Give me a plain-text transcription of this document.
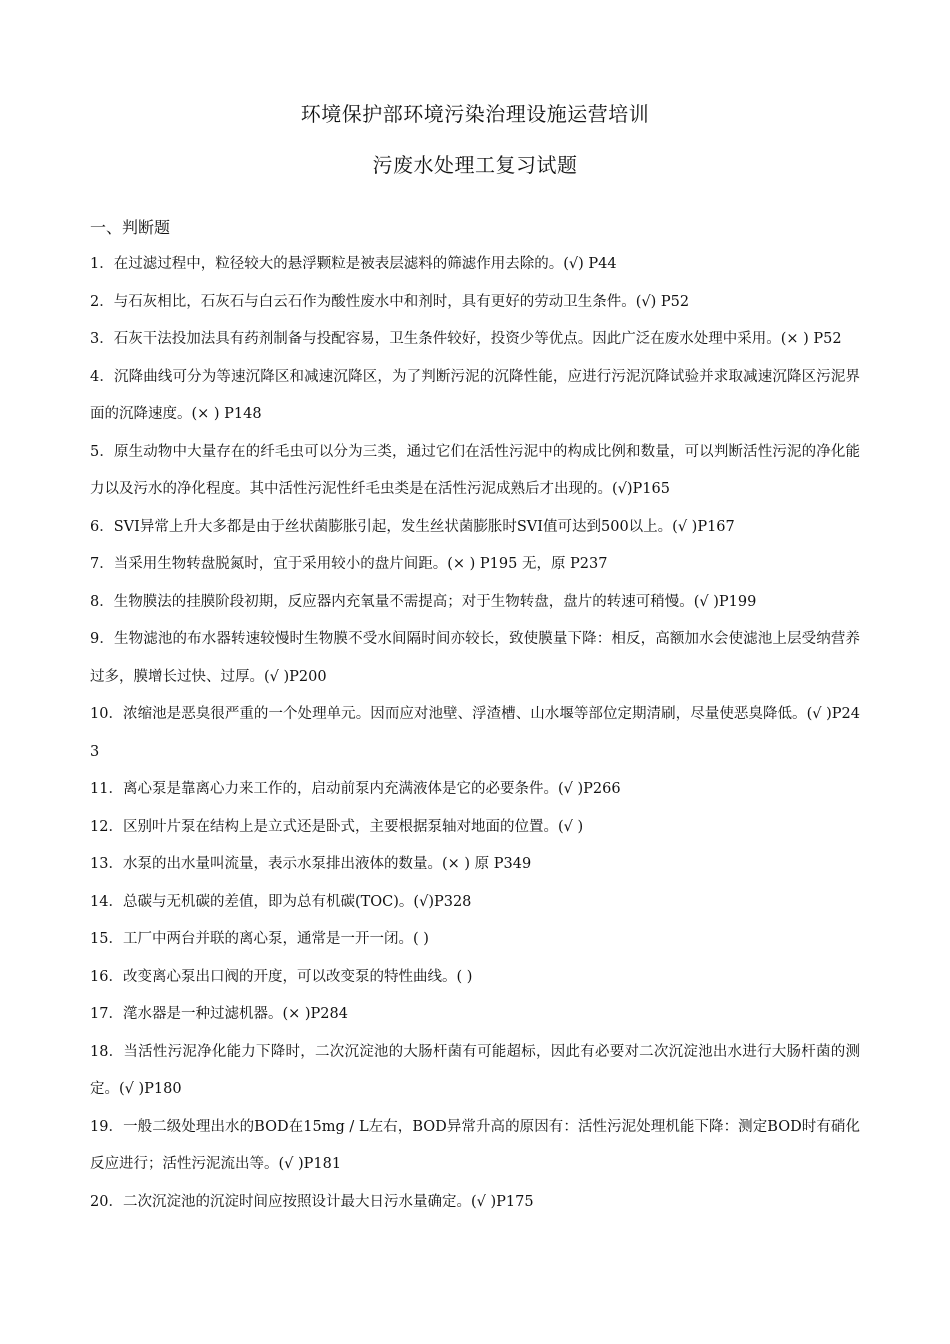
环境保护部环境污染治理设施运营培训
污废水处理工复习试题
一、判断题

1．在过滤过程中，粒径较大的悬浮颗粒是被表层滤料的筛滤作用去除的。(√) P44

2．与石灰相比，石灰石与白云石作为酸性废水中和剂时，具有更好的劳动卫生条件。(√) P52

3．石灰干法投加法具有药剂制备与投配容易，卫生条件较好，投资少等优点。因此广泛在废水处理中采用。(× ) P52

4．沉降曲线可分为等速沉降区和减速沉降区，为了判断污泥的沉降性能，应进行污泥沉降试验并求取减速沉降区污泥界面的沉降速度。(× ) P148

5．原生动物中大量存在的纤毛虫可以分为三类，通过它们在活性污泥中的构成比例和数量，可以判断活性污泥的净化能力以及污水的净化程度。其中活性污泥性纤毛虫类是在活性污泥成熟后才出现的。(√)P165

6．SVI异常上升大多都是由于丝状菌膨胀引起，发生丝状菌膨胀时SVI值可达到500以上。(√ )P167

7．当采用生物转盘脱氮时，宜于采用较小的盘片间距。(× ) P195 无，原 P237

8．生物膜法的挂膜阶段初期，反应器内充氧量不需提高；对于生物转盘，盘片的转速可稍慢。(√ )P199

9．生物滤池的布水器转速较慢时生物膜不受水间隔时间亦较长，致使膜量下降：相反，高额加水会使滤池上层受纳营养过多，膜增长过快、过厚。(√ )P200

10．浓缩池是恶臭很严重的一个处理单元。因而应对池壁、浮渣槽、山水堰等部位定期清刷，尽量使恶臭降低。(√ )P243

11．离心泵是靠离心力来工作的，启动前泵内充满液体是它的必要条件。(√ )P266

12．区别叶片泵在结构上是立式还是卧式，主要根据泵轴对地面的位置。(√ )

13．水泵的出水量叫流量，表示水泵排出液体的数量。(× ) 原 P349

14．总碳与无机碳的差值，即为总有机碳(TOC)。(√)P328

15．工厂中两台并联的离心泵，通常是一开一闭。( )

16．改变离心泵出口阀的开度，可以改变泵的特性曲线。( )

17．滗水器是一种过滤机器。(× )P284

18．当活性污泥净化能力下降时，二次沉淀池的大肠杆菌有可能超标，因此有必要对二次沉淀池出水进行大肠杆菌的测定。(√ )P180

19．一般二级处理出水的BOD在15mg / L左右，BOD异常升高的原因有：活性污泥处理机能下降：测定BOD时有硝化反应进行；活性污泥流出等。(√ )P181

20．二次沉淀池的沉淀时间应按照设计最大日污水量确定。(√ )P175
